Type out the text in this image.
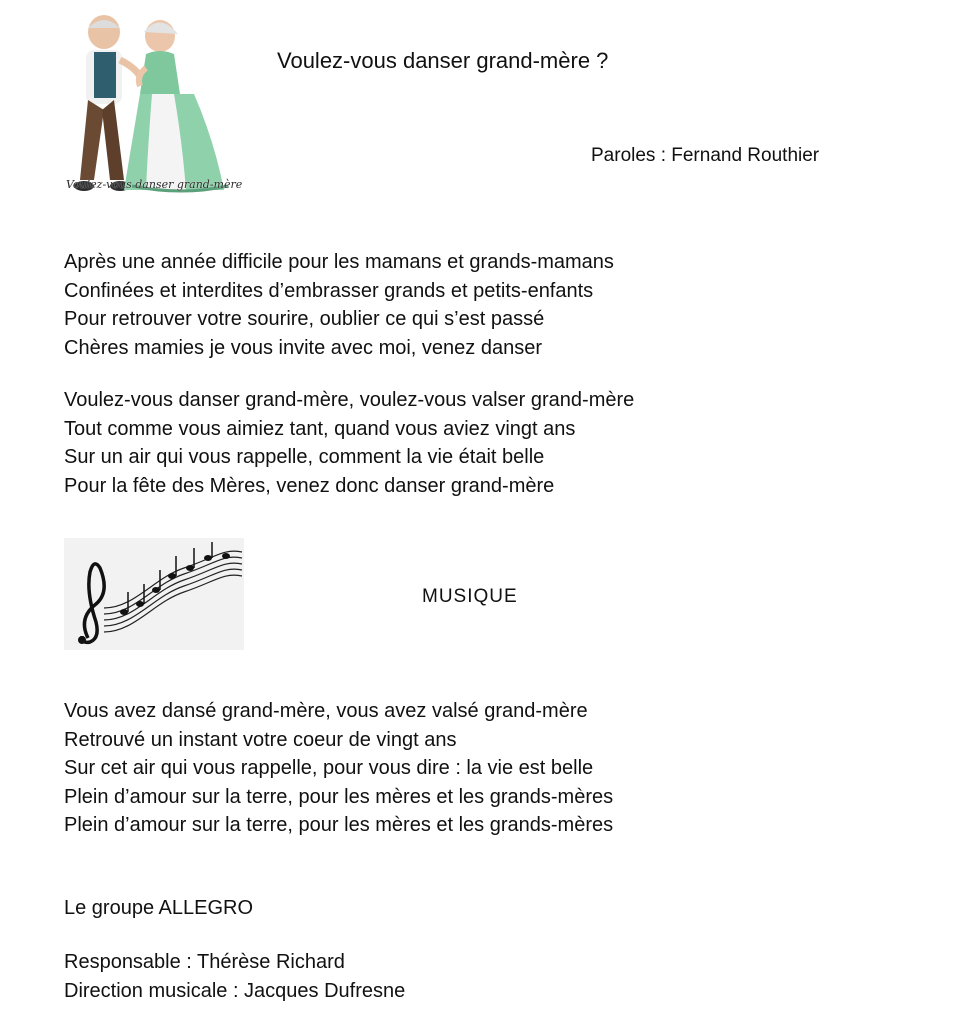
Voulez-vous danser grand-mère
Voulez-vous danser grand-mère ?
Paroles : Fernand Routhier
Après une année difficile pour les mamans et grands-mamans
Confinées et interdites d’embrasser grands et petits-enfants
Pour retrouver votre sourire, oublier ce qui s’est passé
Chères mamies je vous invite avec moi, venez danser
Voulez-vous danser grand-mère, voulez-vous valser grand-mère
Tout comme vous aimiez tant, quand vous aviez vingt ans
Sur un air qui vous rappelle, comment la vie était belle
Pour la fête des Mères, venez donc danser grand-mère
MUSIQUE
Vous avez dansé grand-mère, vous avez valsé grand-mère
Retrouvé un instant votre coeur de vingt ans
Sur cet air qui vous rappelle, pour vous dire : la vie est belle
Plein d’amour sur la terre, pour les mères et les grands-mères
Plein d’amour sur la terre, pour les mères et les grands-mères
Le groupe ALLEGRO
Responsable : Thérèse Richard
Direction musicale : Jacques Dufresne
